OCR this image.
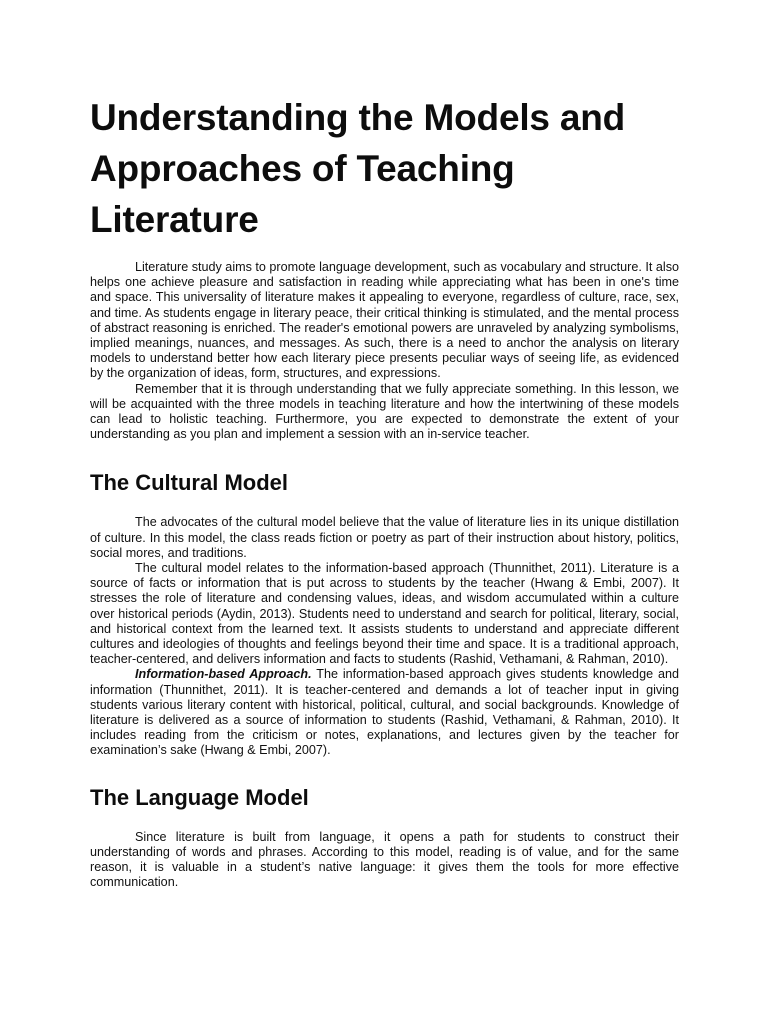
Understanding the Models and Approaches of Teaching Literature

Literature study aims to promote language development, such as vocabulary and structure. It also helps one achieve pleasure and satisfaction in reading while appreciating what has been in one's time and space. This universality of literature makes it appealing to everyone, regardless of culture, race, sex, and time. As students engage in literary peace, their critical thinking is stimulated, and the mental process of abstract reasoning is enriched. The reader's emotional powers are unraveled by analyzing symbolisms, implied meanings, nuances, and messages. As such, there is a need to anchor the analysis on literary models to understand better how each literary piece presents peculiar ways of seeing life, as evidenced by the organization of ideas, form, structures, and expressions.

Remember that it is through understanding that we fully appreciate something. In this lesson, we will be acquainted with the three models in teaching literature and how the intertwining of these models can lead to holistic teaching. Furthermore, you are expected to demonstrate the extent of your understanding as you plan and implement a session with an in-service teacher.

The Cultural Model

The advocates of the cultural model believe that the value of literature lies in its unique distillation of culture. In this model, the class reads fiction or poetry as part of their instruction about history, politics, social mores, and traditions.

The cultural model relates to the information-based approach (Thunnithet, 2011). Literature is a source of facts or information that is put across to students by the teacher (Hwang & Embi, 2007). It stresses the role of literature and condensing values, ideas, and wisdom accumulated within a culture over historical periods (Aydin, 2013). Students need to understand and search for political, literary, social, and historical context from the learned text. It assists students to understand and appreciate different cultures and ideologies of thoughts and feelings beyond their time and space. It is a traditional approach, teacher-centered, and delivers information and facts to students (Rashid, Vethamani, & Rahman, 2010).

Information-based Approach. The information-based approach gives students knowledge and information (Thunnithet, 2011). It is teacher-centered and demands a lot of teacher input in giving students various literary content with historical, political, cultural, and social backgrounds. Knowledge of literature is delivered as a source of information to students (Rashid, Vethamani, & Rahman, 2010). It includes reading from the criticism or notes, explanations, and lectures given by the teacher for examination’s sake (Hwang & Embi, 2007).

The Language Model

Since literature is built from language, it opens a path for students to construct their understanding of words and phrases. According to this model, reading is of value, and for the same reason, it is valuable in a student’s native language: it gives them the tools for more effective communication.
